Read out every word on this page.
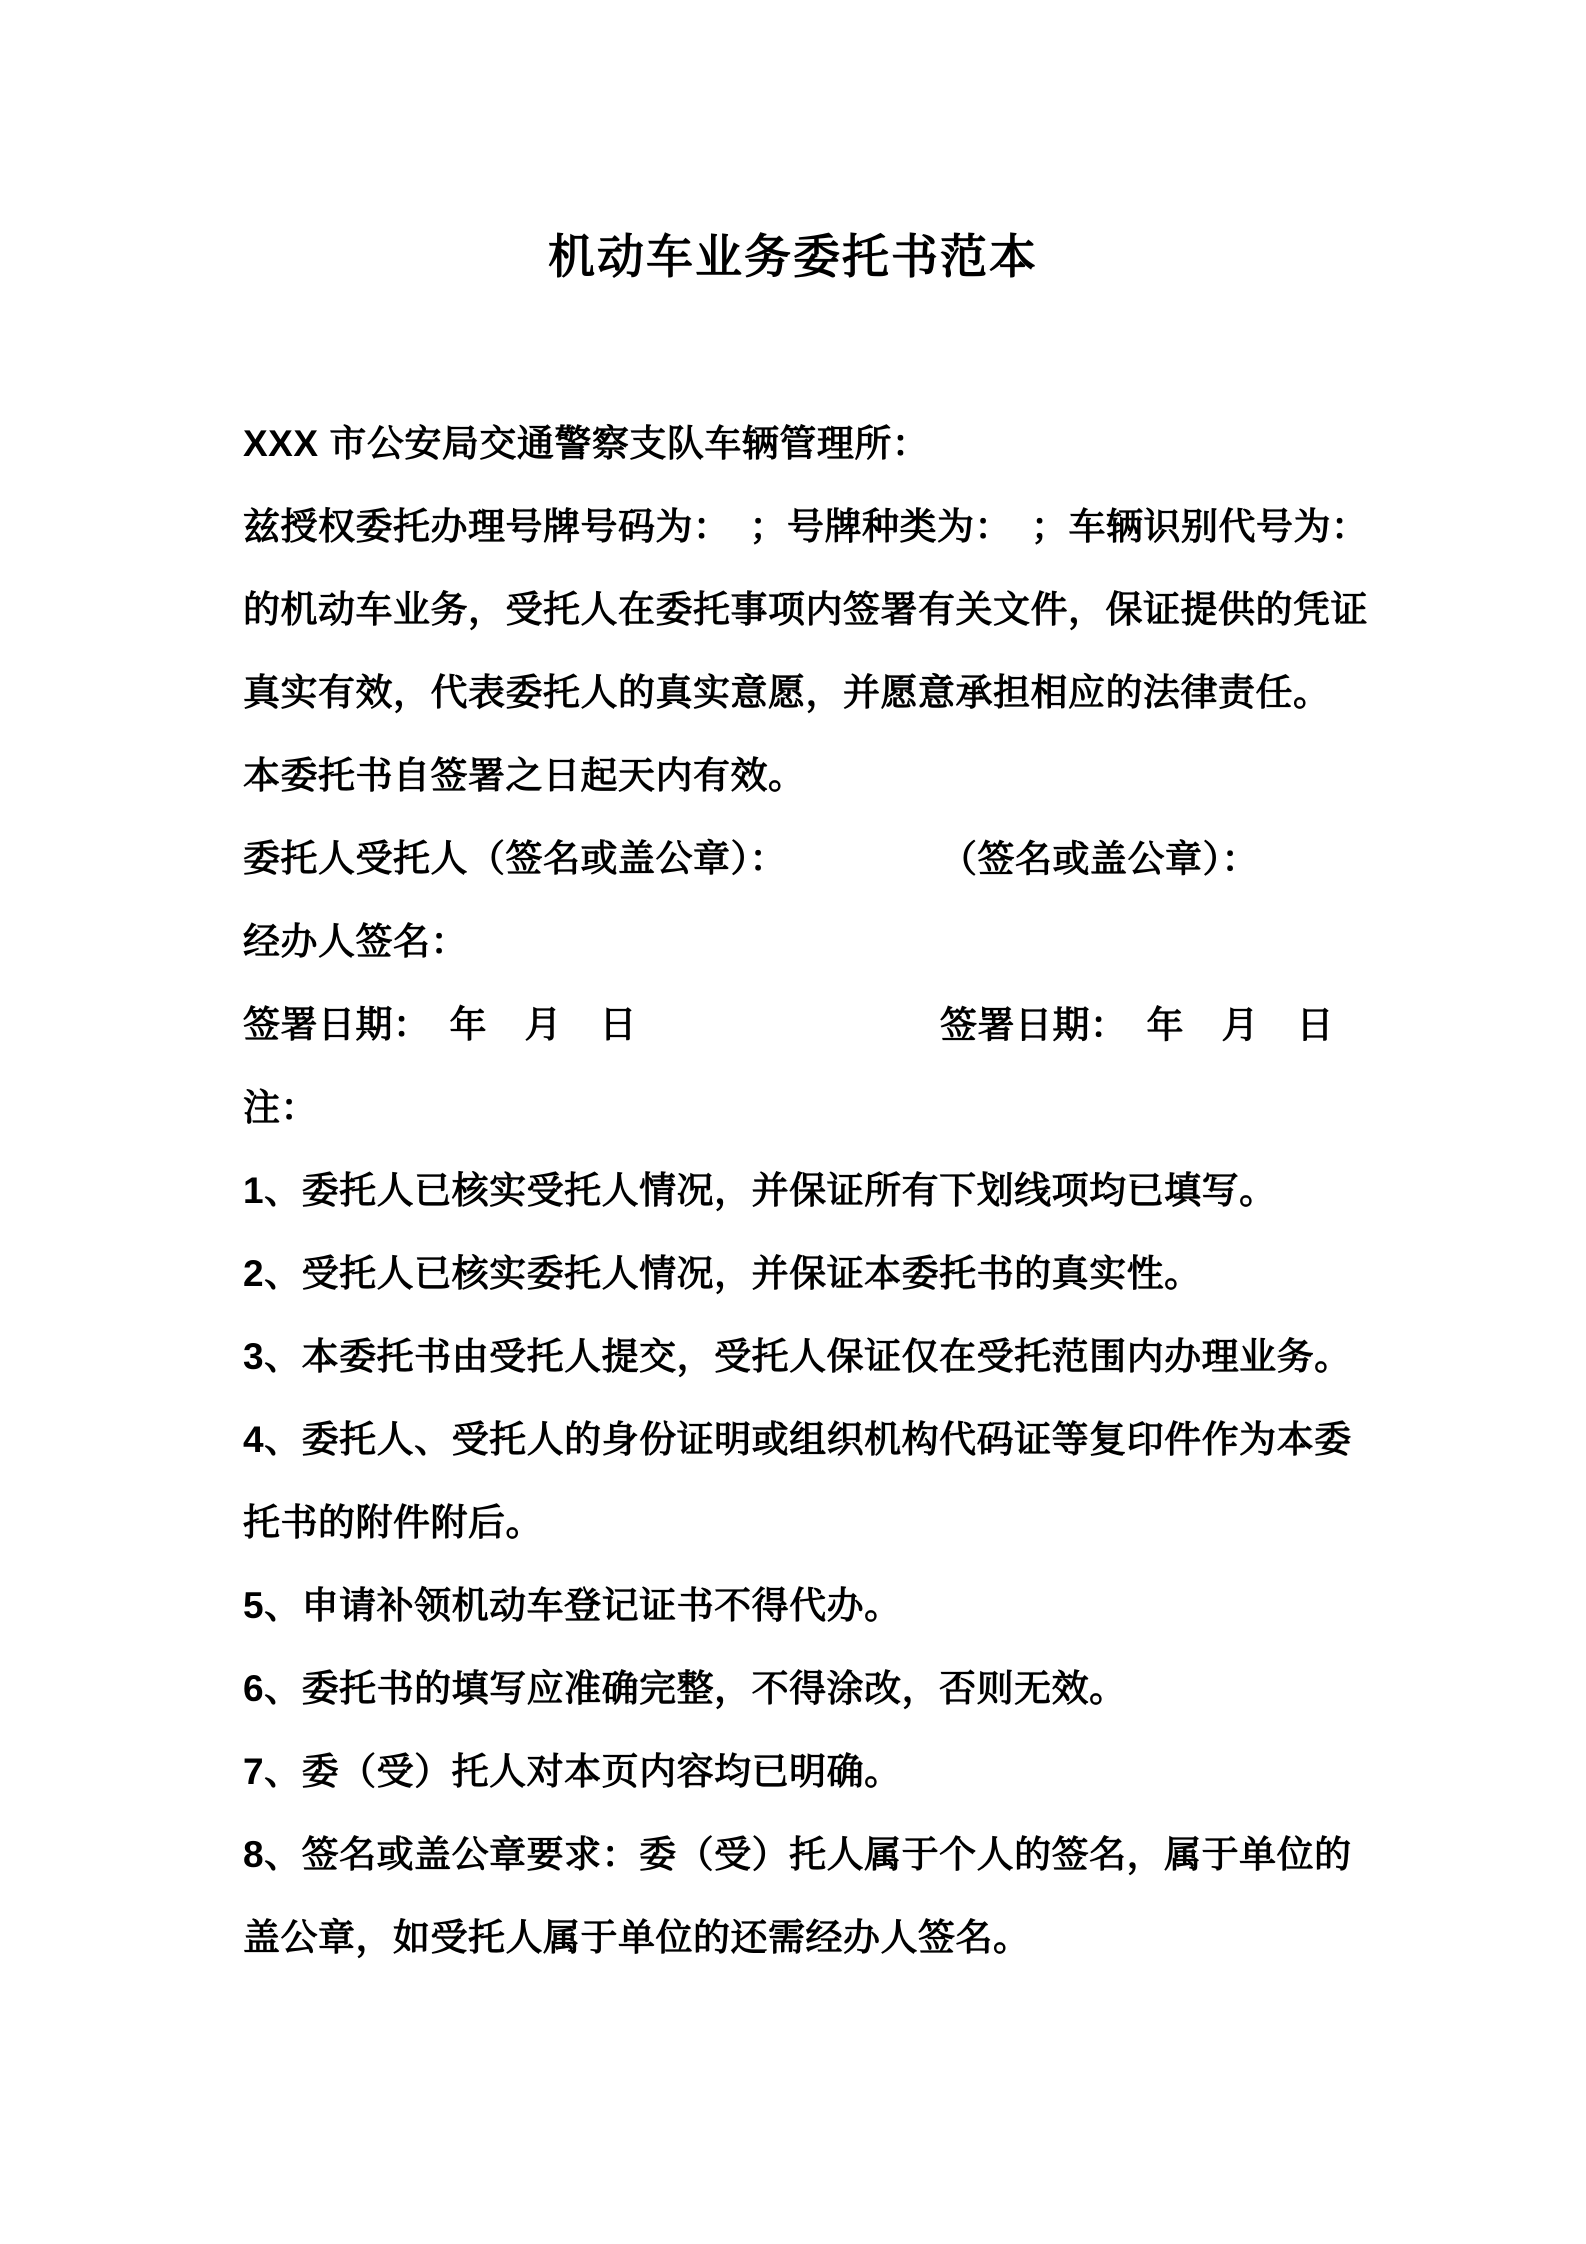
机动车业务委托书范本
XXX 市公安局交通警察支队车辆管理所：
兹授权委托办理号牌号码为：　；号牌种类为：　；车辆识别代号为：
的机动车业务，受托人在委托事项内签署有关文件，保证提供的凭证
真实有效，代表委托人的真实意愿，并愿意承担相应的法律责任。
本委托书自签署之日起天内有效。
委托人受托人（签名或盖公章）：	（签名或盖公章）：
经办人签名：
签署日期：　年　月　日	签署日期：　年　月　日
注：
1、委托人已核实受托人情况，并保证所有下划线项均已填写。
2、受托人已核实委托人情况，并保证本委托书的真实性。
3、本委托书由受托人提交，受托人保证仅在受托范围内办理业务。
4、委托人、受托人的身份证明或组织机构代码证等复印件作为本委
托书的附件附后。
5、申请补领机动车登记证书不得代办。
6、委托书的填写应准确完整，不得涂改，否则无效。
7、委（受）托人对本页内容均已明确。
8、签名或盖公章要求：委（受）托人属于个人的签名，属于单位的
盖公章，如受托人属于单位的还需经办人签名。
